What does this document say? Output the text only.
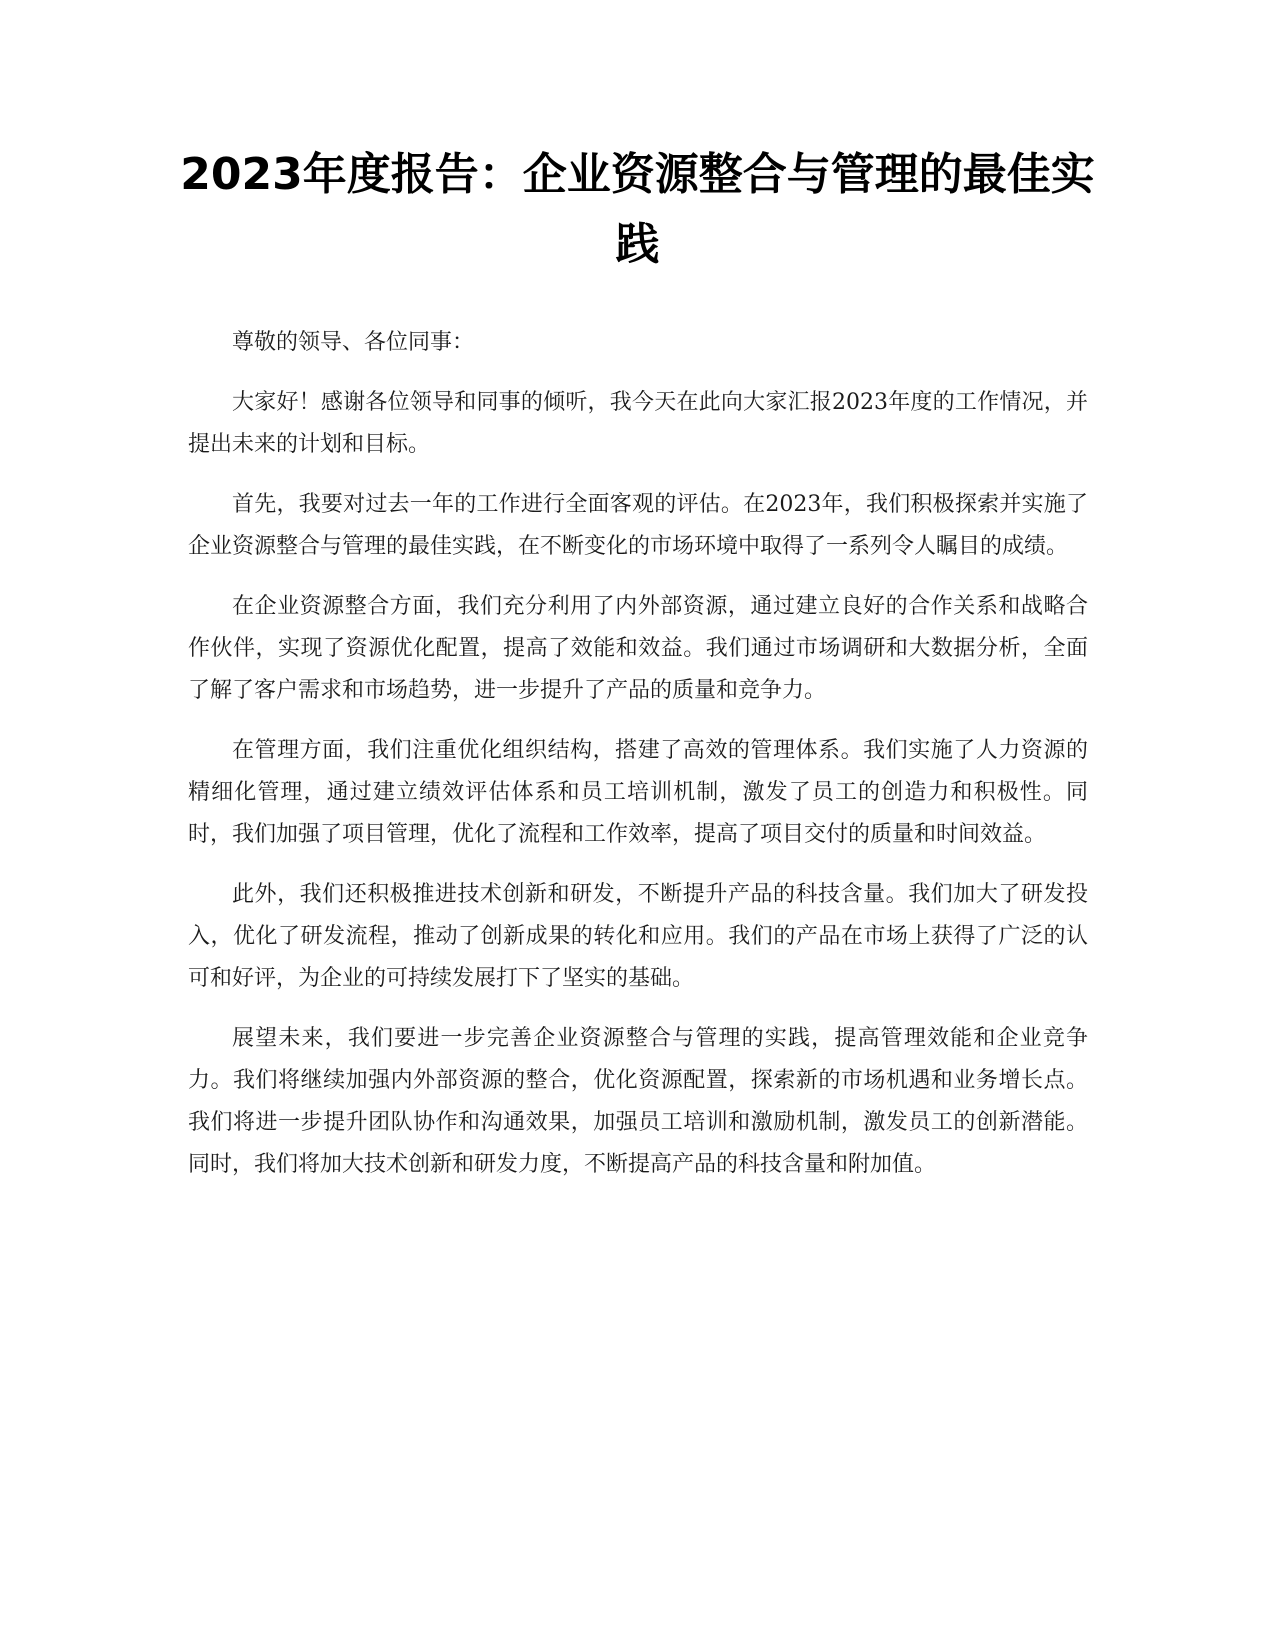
2023年度报告：企业资源整合与管理的最佳实践

尊敬的领导、各位同事：

大家好！感谢各位领导和同事的倾听，我今天在此向大家汇报2023年度的工作情况，并提出未来的计划和目标。

首先，我要对过去一年的工作进行全面客观的评估。在2023年，我们积极探索并实施了企业资源整合与管理的最佳实践，在不断变化的市场环境中取得了一系列令人瞩目的成绩。

在企业资源整合方面，我们充分利用了内外部资源，通过建立良好的合作关系和战略合作伙伴，实现了资源优化配置，提高了效能和效益。我们通过市场调研和大数据分析，全面了解了客户需求和市场趋势，进一步提升了产品的质量和竞争力。

在管理方面，我们注重优化组织结构，搭建了高效的管理体系。我们实施了人力资源的精细化管理，通过建立绩效评估体系和员工培训机制，激发了员工的创造力和积极性。同时，我们加强了项目管理，优化了流程和工作效率，提高了项目交付的质量和时间效益。

此外，我们还积极推进技术创新和研发，不断提升产品的科技含量。我们加大了研发投入，优化了研发流程，推动了创新成果的转化和应用。我们的产品在市场上获得了广泛的认可和好评，为企业的可持续发展打下了坚实的基础。

展望未来，我们要进一步完善企业资源整合与管理的实践，提高管理效能和企业竞争力。我们将继续加强内外部资源的整合，优化资源配置，探索新的市场机遇和业务增长点。我们将进一步提升团队协作和沟通效果，加强员工培训和激励机制，激发员工的创新潜能。同时，我们将加大技术创新和研发力度，不断提高产品的科技含量和附加值。
